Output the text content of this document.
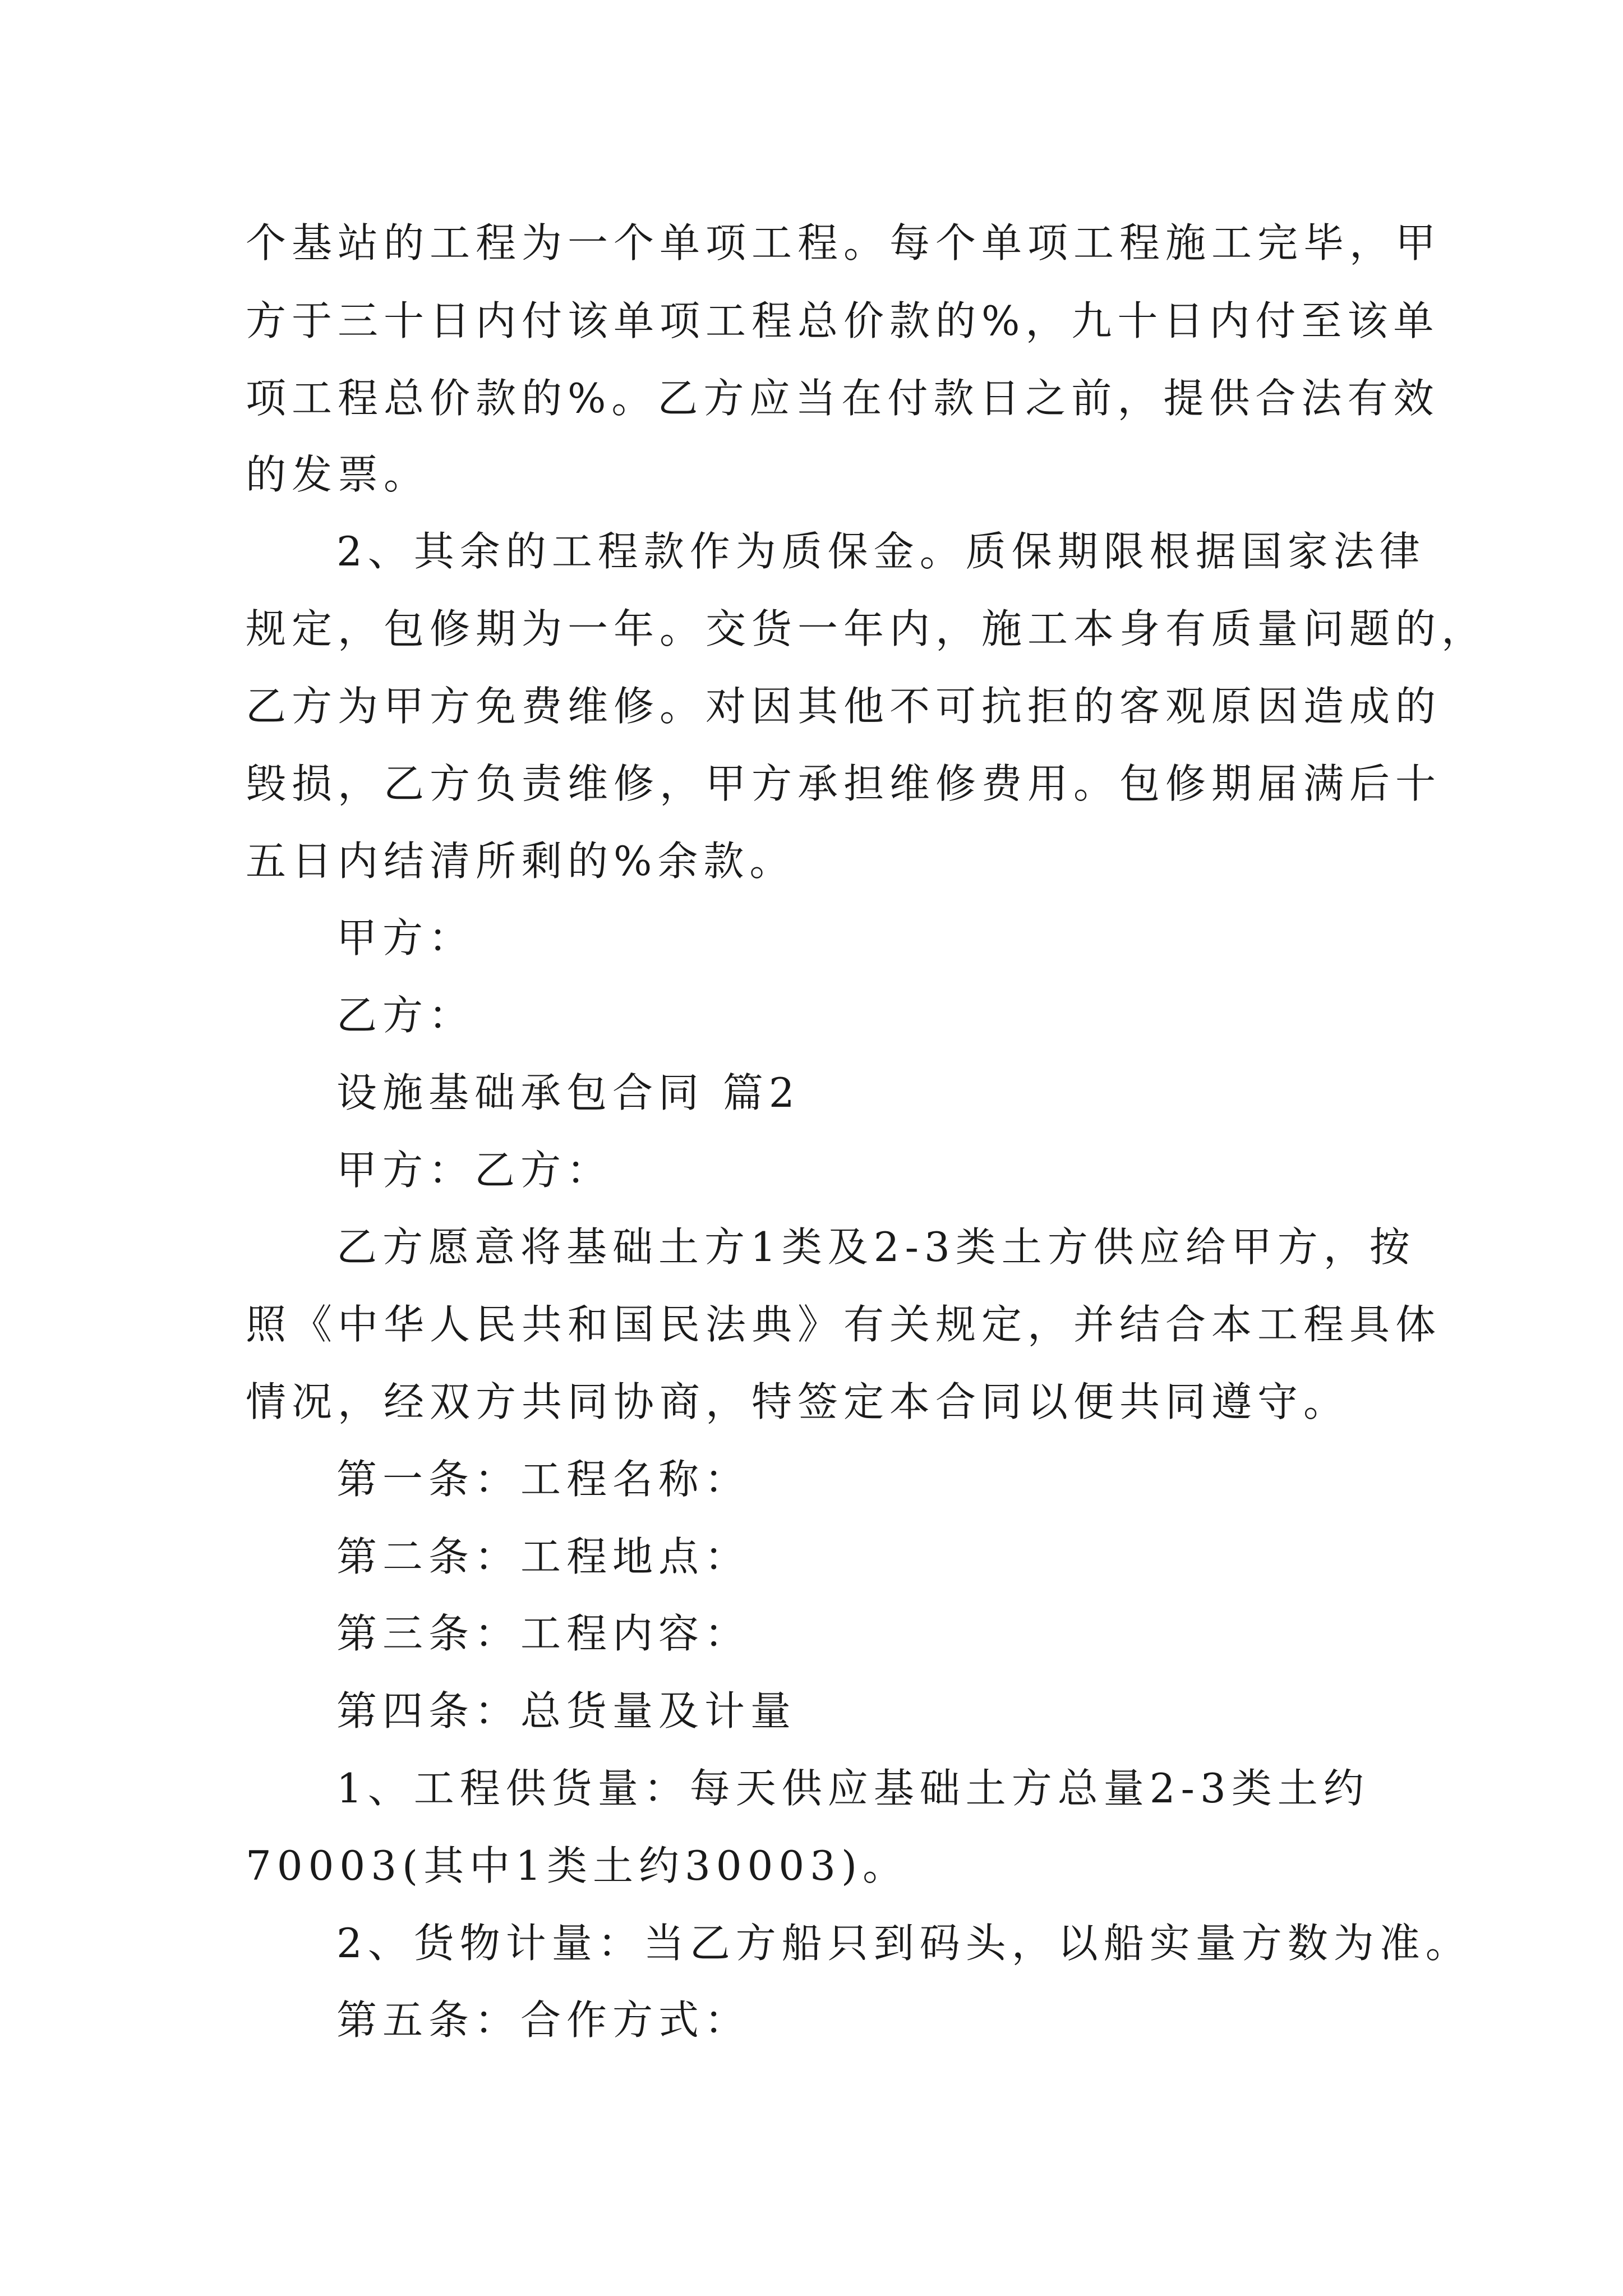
个基站的工程为一个单项工程。每个单项工程施工完毕，甲
方于三十日内付该单项工程总价款的%，九十日内付至该单
项工程总价款的%。乙方应当在付款日之前，提供合法有效
的发票。
2、其余的工程款作为质保金。质保期限根据国家法律
规定，包修期为一年。交货一年内，施工本身有质量问题的，
乙方为甲方免费维修。对因其他不可抗拒的客观原因造成的
毁损，乙方负责维修，甲方承担维修费用。包修期届满后十
五日内结清所剩的%余款。
甲方：
乙方：
设施基础承包合同 篇2
甲方：乙方：
乙方愿意将基础土方1类及2-3类土方供应给甲方，按
照《中华人民共和国民法典》有关规定，并结合本工程具体
情况，经双方共同协商，特签定本合同以便共同遵守。
第一条：工程名称：
第二条：工程地点：
第三条：工程内容：
第四条：总货量及计量
1、工程供货量：每天供应基础土方总量2-3类土约
70003(其中1类土约30003)。
2、货物计量：当乙方船只到码头，以船实量方数为准。
第五条：合作方式：
